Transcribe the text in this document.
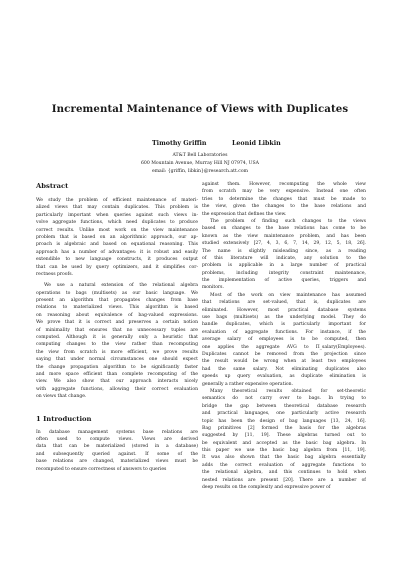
Incremental Maintenance of Views with Duplicates
Timothy Griffin	Leonid Libkin
AT&T Bell Laboratories
600 Mountain Avenue, Murray Hill NJ 07974, USA
email: {griffin, libkin}@research.att.com
Abstract
We study the problem of efficient maintenance of materi-
alized views that may contain duplicates. This problem is
particularly important when queries against such views in-
volve aggregate functions, which need duplicates to produce
correct results. Unlike most work on the view maintenance
problem that is based on an algorithmic approach, our ap-
proach is algebraic and based on equational reasoning. This
approach has a number of advantages: it is robust and easily
extendible to new language constructs, it produces output
that can be used by query optimizers, and it simplifies cor-
rectness proofs.
We use a natural extension of the relational algebra
operations to bags (multisets) as our basic language. We
present an algorithm that propagates changes from base
relations to materialized views. This algorithm is based
on reasoning about equivalence of bag-valued expressions.
We prove that it is correct and preserves a certain notion
of minimality that ensures that no unnecessary tuples are
computed. Although it is generally only a heuristic that
computing changes to the view rather than recomputing
the view from scratch is more efficient, we prove results
saying that under normal circumstances one should expect
the change propagation algorithm to be significantly faster
and more space efficient than complete recomputing of the
view. We also show that our approach interacts nicely
with aggregate functions, allowing their correct evaluation
on views that change.
1 Introduction
In database management systems base relations are
often used to compute views. Views are derived
data that can be materialized (stored in a database)
and subsequently queried against. If some of the
base relations are changed, materialized views must be
recomputed to ensure correctness of answers to queries
against them. However, recomputing the whole view
from scratch may be very expensive. Instead one often
tries to determine the changes that must be made to
the view, given the changes to the base relations and
the expression that defines the view.
The problem of finding such changes to the views
based on changes to the base relations has come to be
known as the view maintenance problem, and has been
studied extensively [27, 4, 3, 6, 7, 14, 29, 12, 5, 18, 26].
The name is slightly misleading since, as a reading
of this literature will indicate, any solution to the
problem is applicable in a large number of practical
problems, including integrity constraint maintenance,
the implementation of active queries, triggers and
monitors.
Most of the work on view maintenance has assumed
that relations are set-valued, that is, duplicates are
eliminated. However, most practical database systems
use bags (multisets) as the underlying model. They do
handle duplicates, which is particularly important for
evaluation of aggregate functions. For instance, if the
average salary of employees is to be computed, then
one applies the aggregate AVG to Π_salary(Employees).
Duplicates cannot be removed from the projection since
the result would be wrong when at least two employees
had the same salary. Not eliminating duplicates also
speeds up query evaluation, as duplicate elimination is
generally a rather expensive operation.
Many theoretical results obtained for set-theoretic
semantics do not carry over to bags. In trying to
bridge the gap between theoretical database research
and practical languages, one particularly active research
topic has been the design of bag languages [13, 24, 16].
Bag primitives [2] formed the basis for the algebras
suggested by [11, 19]. These algebras turned out to
be equivalent and accepted as the basic bag algebra. In
this paper we use the basic bag algebra from [11, 19].
It was also shown that the basic bag algebra essentially
adds the correct evaluation of aggregate functions to
the relational algebra, and this continues to hold when
nested relations are present [20]. There are a number of
deep results on the complexity and expressive power of
